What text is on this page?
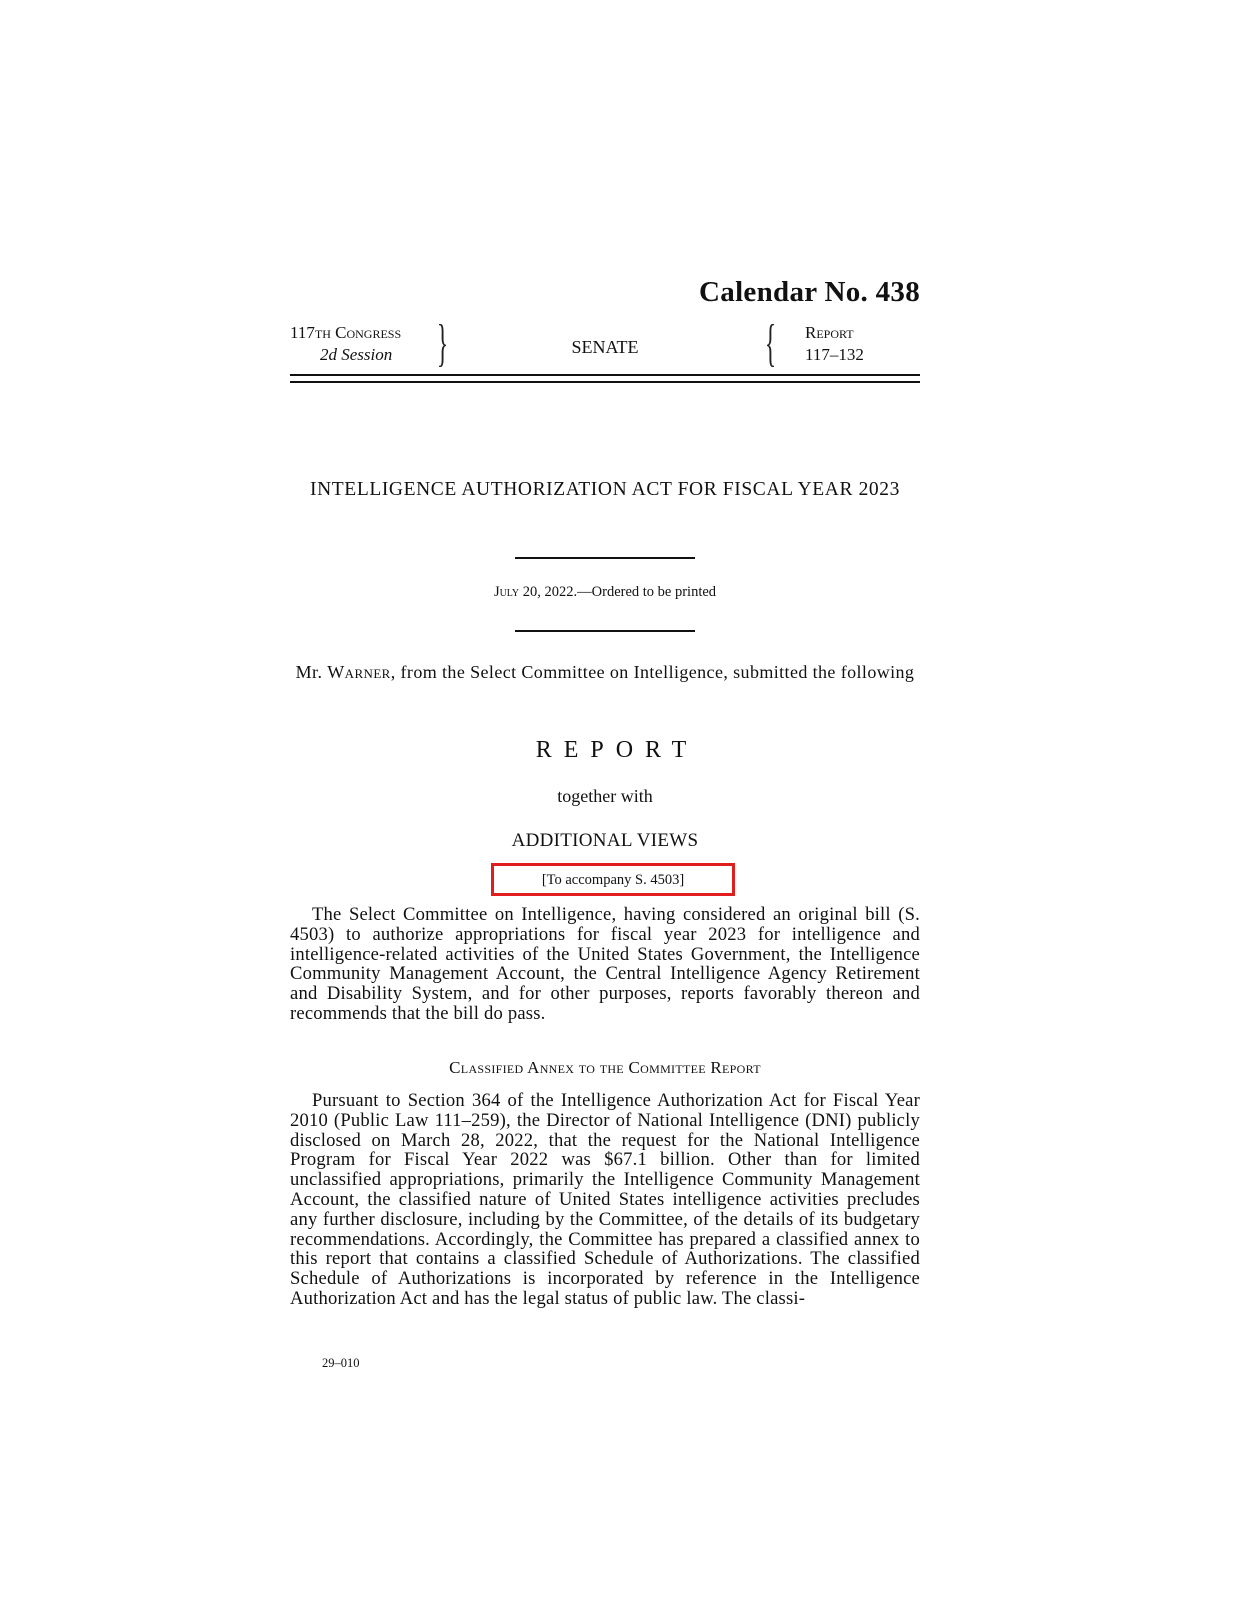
Calendar No. 438
117th Congress
2d Session }	SENATE	{ Report
117–132
INTELLIGENCE AUTHORIZATION ACT FOR FISCAL YEAR 2023
July 20, 2022.—Ordered to be printed
Mr. Warner, from the Select Committee on Intelligence, submitted the following
REPORT
together with
ADDITIONAL VIEWS
[To accompany S. 4503]
The Select Committee on Intelligence, having considered an original bill (S. 4503) to authorize appropriations for fiscal year 2023 for intelligence and intelligence-related activities of the United States Government, the Intelligence Community Management Account, the Central Intelligence Agency Retirement and Disability System, and for other purposes, reports favorably thereon and recommends that the bill do pass.
Classified Annex to the Committee Report
Pursuant to Section 364 of the Intelligence Authorization Act for Fiscal Year 2010 (Public Law 111–259), the Director of National Intelligence (DNI) publicly disclosed on March 28, 2022, that the request for the National Intelligence Program for Fiscal Year 2022 was $67.1 billion. Other than for limited unclassified appropriations, primarily the Intelligence Community Management Account, the classified nature of United States intelligence activities precludes any further disclosure, including by the Committee, of the details of its budgetary recommendations. Accordingly, the Committee has prepared a classified annex to this report that contains a classified Schedule of Authorizations. The classified Schedule of Authorizations is incorporated by reference in the Intelligence Authorization Act and has the legal status of public law. The classi-
29–010
